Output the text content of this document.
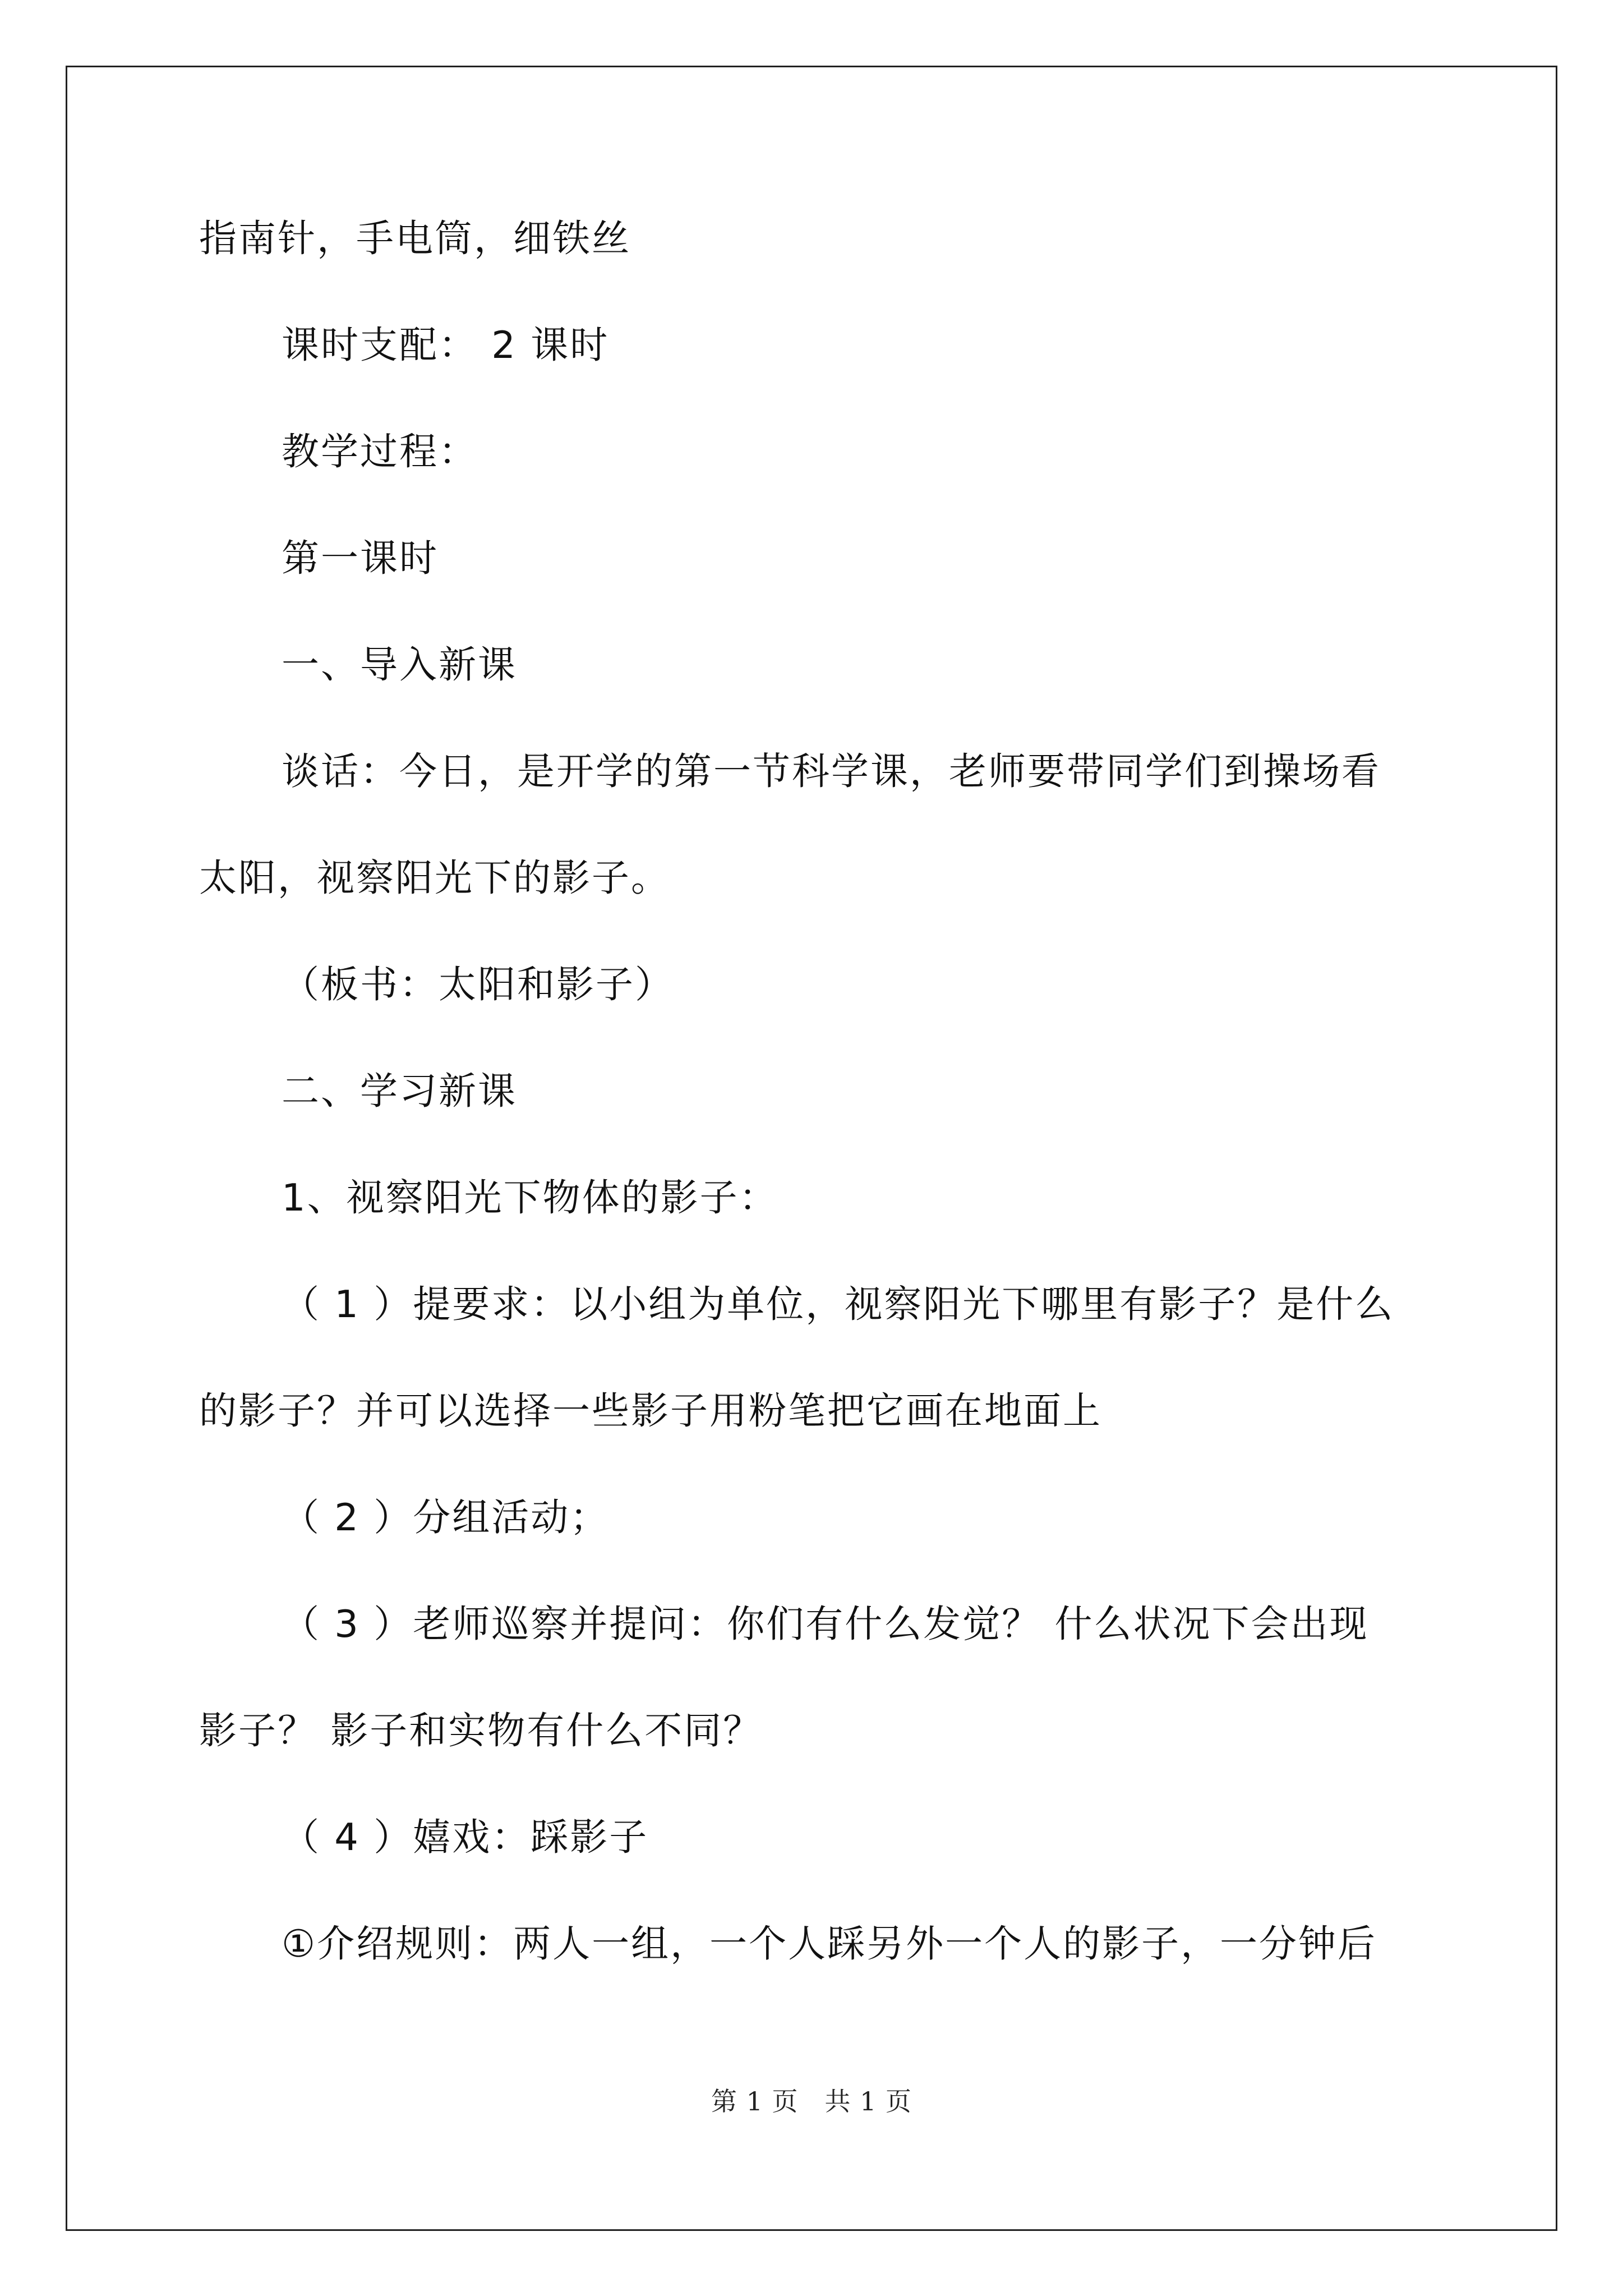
指南针，手电筒，细铁丝
课时支配： 2 课时
教学过程：
第一课时
一、导入新课
谈话：今日，是开学的第一节科学课，老师要带同学们到操场看
太阳，视察阳光下的影子。
（板书：太阳和影子）
二、学习新课
1、视察阳光下物体的影子：
（ 1 ）提要求：以小组为单位，视察阳光下哪里有影子？是什么
的影子？并可以选择一些影子用粉笔把它画在地面上
（ 2 ）分组活动；
（ 3 ）老师巡察并提问：你们有什么发觉？ 什么状况下会出现
影子？ 影子和实物有什么不同？
（ 4 ）嬉戏：踩影子
①介绍规则：两人一组，一个人踩另外一个人的影子，一分钟后
第 1 页　共 1 页
